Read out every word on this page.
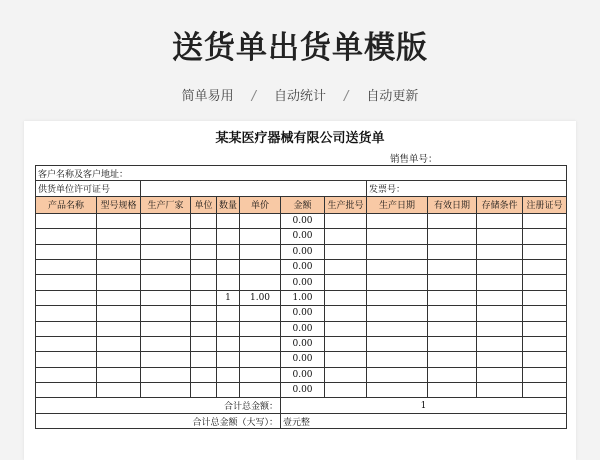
送货单出货单模版
简单易用 / 自动统计 / 自动更新
某某医疗器械有限公司送货单
销售单号：
客户名称及客户地址：											
供货单位许可证号								发票号：			
产品名称	型号规格	生产厂家	单位	数量	单价	金额	生产批号	生产日期	有效日期	存储条件	注册证号
						0.00					
						0.00					
						0.00					
						0.00					
						0.00					
				1	1.00	1.00					
						0.00					
						0.00					
						0.00					
						0.00					
						0.00					
						0.00					
合计总金额：						1					
合计总金额（大写）：						壹元整					
